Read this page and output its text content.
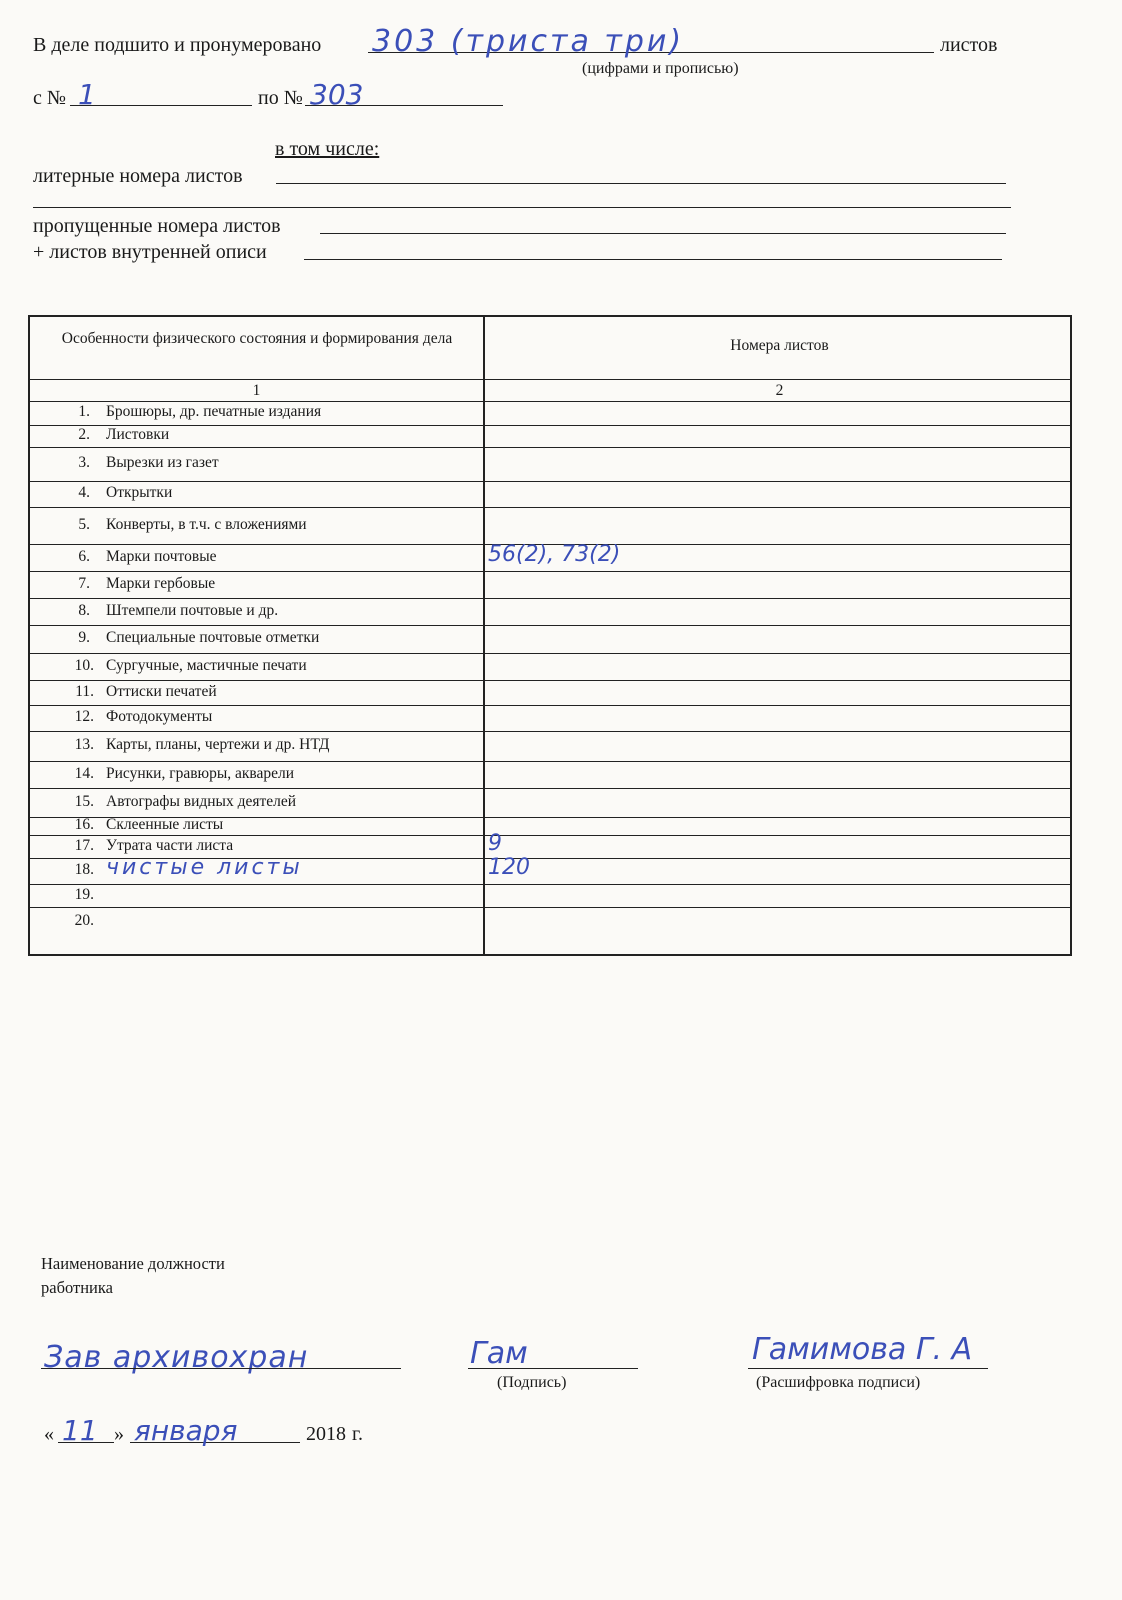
В деле подшито и пронумеровано 303 (триста три)	листов
(цифрами и прописью)
с № 1	по № 303
в том числе:
литерные номера листов
пропущенные номера листов
+ листов внутренней описи
Особенности физического состояния и формирования дела	Номера листов
1	2
1. Брошюры, др. печатные издания
2. Листовки
3. Вырезки из газет
4. Открытки
5. Конверты, в т.ч. с вложениями
6. Марки почтовые	56(2), 73(2)
7. Марки гербовые
8. Штемпели почтовые и др.
9. Специальные почтовые отметки
10. Сургучные, мастичные печати
11. Оттиски печатей
12. Фотодокументы
13. Карты, планы, чертежи и др. НТД
14. Рисунки, гравюры, акварели
15. Автографы видных деятелей
16. Склеенные листы
17. Утрата части листа	9
18. чистые листы	120
19.
20.
Наименование должности
работника
Зав архивохран	Гам
(Подпись)
Гамимова Г. А
(Расшифровка подписи)
« 11 » января	2018 г.
